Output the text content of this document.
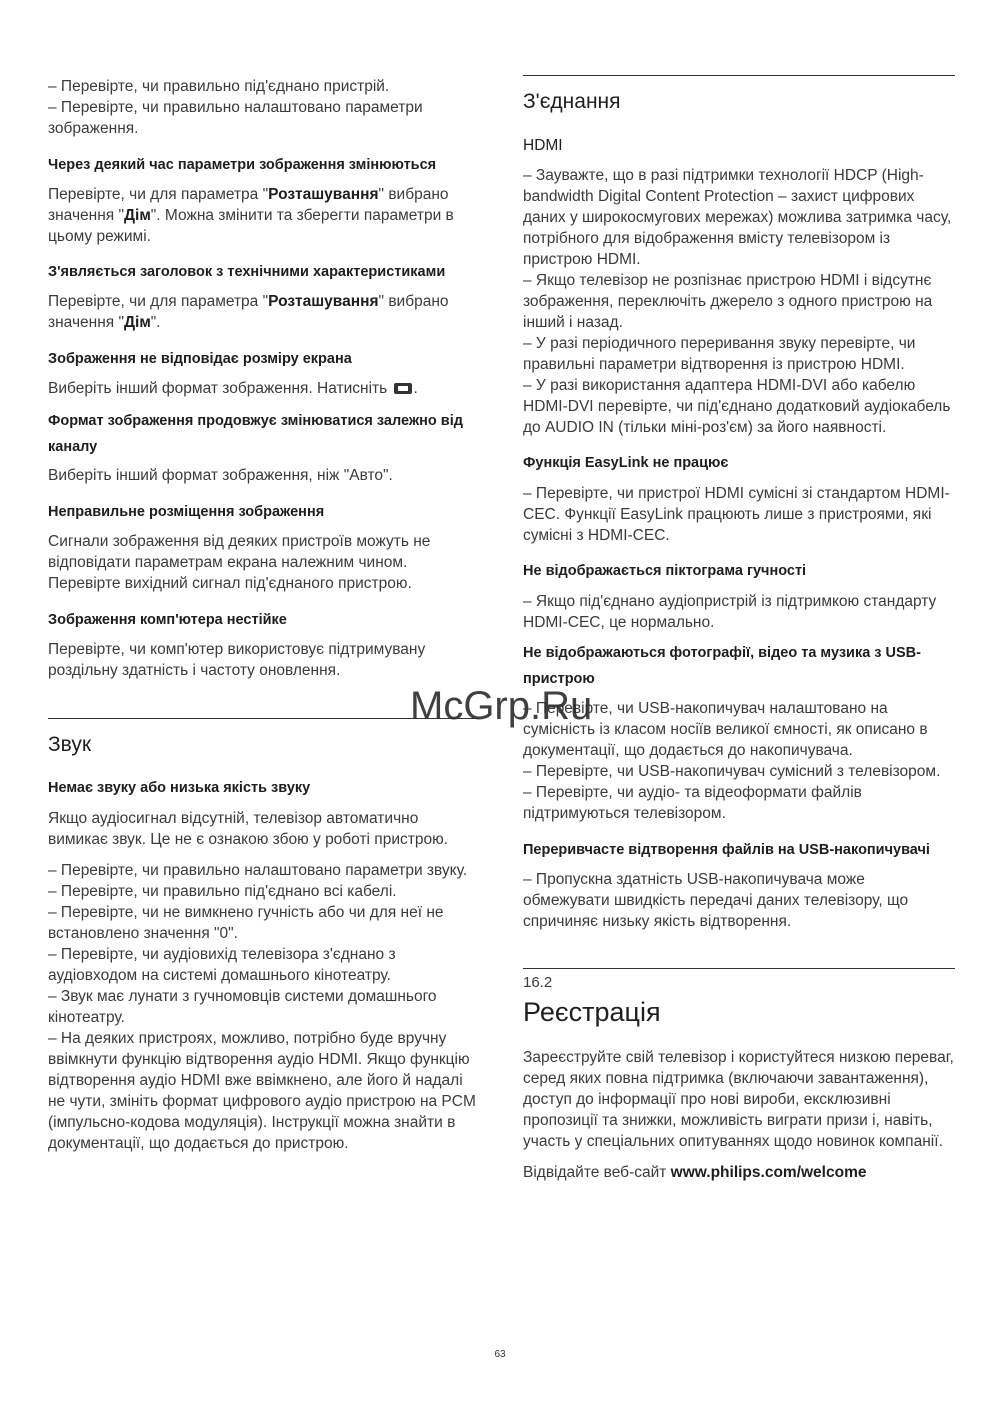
– Перевірте, чи правильно під'єднано пристрій.

– Перевірте, чи правильно налаштовано параметри зображення.

Через деякий час параметри зображення змінюються

Перевірте, чи для параметра "Розташування" вибрано значення "Дім". Можна змінити та зберегти параметри в цьому режимі.

З'являється заголовок з технічними характеристиками

Перевірте, чи для параметра "Розташування" вибрано значення "Дім".

Зображення не відповідає розміру екрана

Виберіть інший формат зображення. Натисніть .

Формат зображення продовжує змінюватися залежно від каналу

Виберіть інший формат зображення, ніж "Авто".

Неправильне розміщення зображення

Сигнали зображення від деяких пристроїв можуть не відповідати параметрам екрана належним чином. Перевірте вихідний сигнал під'єднаного пристрою.

Зображення комп'ютера нестійке

Перевірте, чи комп'ютер використовує підтримувану роздільну здатність і частоту оновлення.

Звук
Немає звуку або низька якість звуку

Якщо аудіосигнал відсутній, телевізор автоматично вимикає звук. Це не є ознакою збою у роботі пристрою.

– Перевірте, чи правильно налаштовано параметри звуку.

– Перевірте, чи правильно під'єднано всі кабелі.

– Перевірте, чи не вимкнено гучність або чи для неї не встановлено значення "0".

– Перевірте, чи аудіовихід телевізора з'єднано з аудіовходом на системі домашнього кінотеатру.

– Звук має лунати з гучномовців системи домашнього кінотеатру.

– На деяких пристроях, можливо, потрібно буде вручну ввімкнути функцію відтворення аудіо HDMI. Якщо функцію відтворення аудіо HDMI вже ввімкнено, але його й надалі не чути, змініть формат цифрового аудіо пристрою на PCM (імпульсно-кодова модуляція). Інструкції можна знайти в документації, що додається до пристрою.

З'єднання
HDMI

– Зауважте, що в разі підтримки технології HDCP (High-bandwidth Digital Content Protection – захист цифрових даних у широкосмугових мережах) можлива затримка часу, потрібного для відображення вмісту телевізором із пристрою HDMI.

– Якщо телевізор не розпізнає пристрою HDMI і відсутнє зображення, переключіть джерело з одного пристрою на інший і назад.

– У разі періодичного переривання звуку перевірте, чи правильні параметри відтворення із пристрою HDMI.

– У разі використання адаптера HDMI-DVI або кабелю HDMI-DVI перевірте, чи під'єднано додатковий аудіокабель до AUDIO IN (тільки міні-роз'єм) за його наявності.

Функція EasyLink не працює

– Перевірте, чи пристрої HDMI сумісні зі стандартом HDMI-CEC. Функції EasyLink працюють лише з пристроями, які сумісні з HDMI-CEC.

Не відображається піктограма гучності

– Якщо під'єднано аудіопристрій із підтримкою стандарту HDMI-CEC, це нормально.

Не відображаються фотографії, відео та музика з USB-пристрою

– Перевірте, чи USB-накопичувач налаштовано на сумісність із класом носіїв великої ємності, як описано в документації, що додається до накопичувача.

– Перевірте, чи USB-накопичувач сумісний з телевізором.

– Перевірте, чи аудіо- та відеоформати файлів підтримуються телевізором.

Переривчасте відтворення файлів на USB-накопичувачі

– Пропускна здатність USB-накопичувача може обмежувати швидкість передачі даних телевізору, що спричиняє низьку якість відтворення.

16.2

Реєстрація

Зареєструйте свій телевізор і користуйтеся низкою переваг, серед яких повна підтримка (включаючи завантаження), доступ до інформації про нові вироби, ексклюзивні пропозиції та знижки, можливість виграти призи і, навіть, участь у спеціальних опитуваннях щодо новинок компанії.

Відвідайте веб-сайт www.philips.com/welcome

McGrp.Ru
63
